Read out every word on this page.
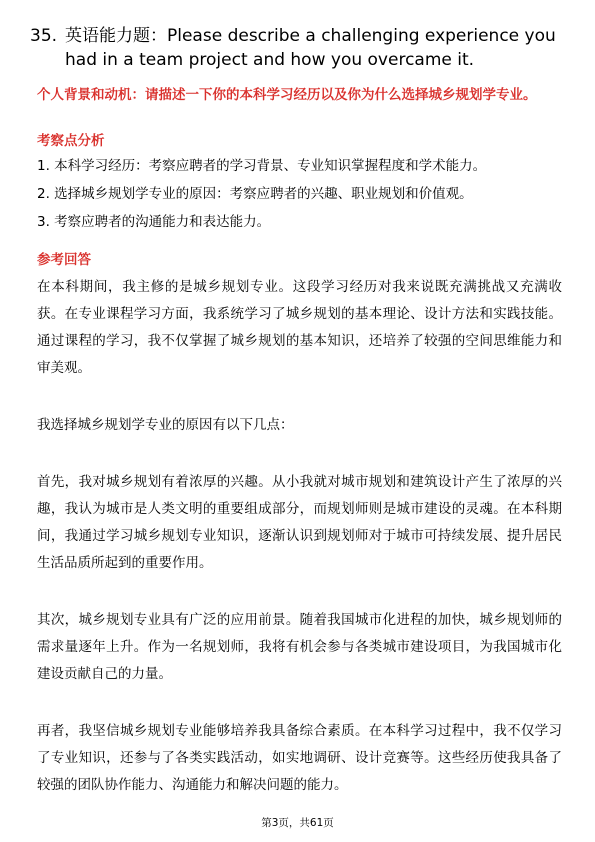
35. 英语能力题：Please describe a challenging experience you had in a team project and how you overcame it.
个人背景和动机：请描述一下你的本科学习经历以及你为什么选择城乡规划学专业。
考察点分析
1. 本科学习经历：考察应聘者的学习背景、专业知识掌握程度和学术能力。
2. 选择城乡规划学专业的原因：考察应聘者的兴趣、职业规划和价值观。
3. 考察应聘者的沟通能力和表达能力。
参考回答

在本科期间，我主修的是城乡规划专业。这段学习经历对我来说既充满挑战又充满收获。在专业课程学习方面，我系统学习了城乡规划的基本理论、设计方法和实践技能。通过课程的学习，我不仅掌握了城乡规划的基本知识，还培养了较强的空间思维能力和审美观。

我选择城乡规划学专业的原因有以下几点：

首先，我对城乡规划有着浓厚的兴趣。从小我就对城市规划和建筑设计产生了浓厚的兴趣，我认为城市是人类文明的重要组成部分，而规划师则是城市建设的灵魂。在本科期间，我通过学习城乡规划专业知识，逐渐认识到规划师对于城市可持续发展、提升居民生活品质所起到的重要作用。

其次，城乡规划专业具有广泛的应用前景。随着我国城市化进程的加快，城乡规划师的需求量逐年上升。作为一名规划师，我将有机会参与各类城市建设项目，为我国城市化建设贡献自己的力量。

再者，我坚信城乡规划专业能够培养我具备综合素质。在本科学习过程中，我不仅学习了专业知识，还参与了各类实践活动，如实地调研、设计竞赛等。这些经历使我具备了较强的团队协作能力、沟通能力和解决问题的能力。

第3页，共61页
